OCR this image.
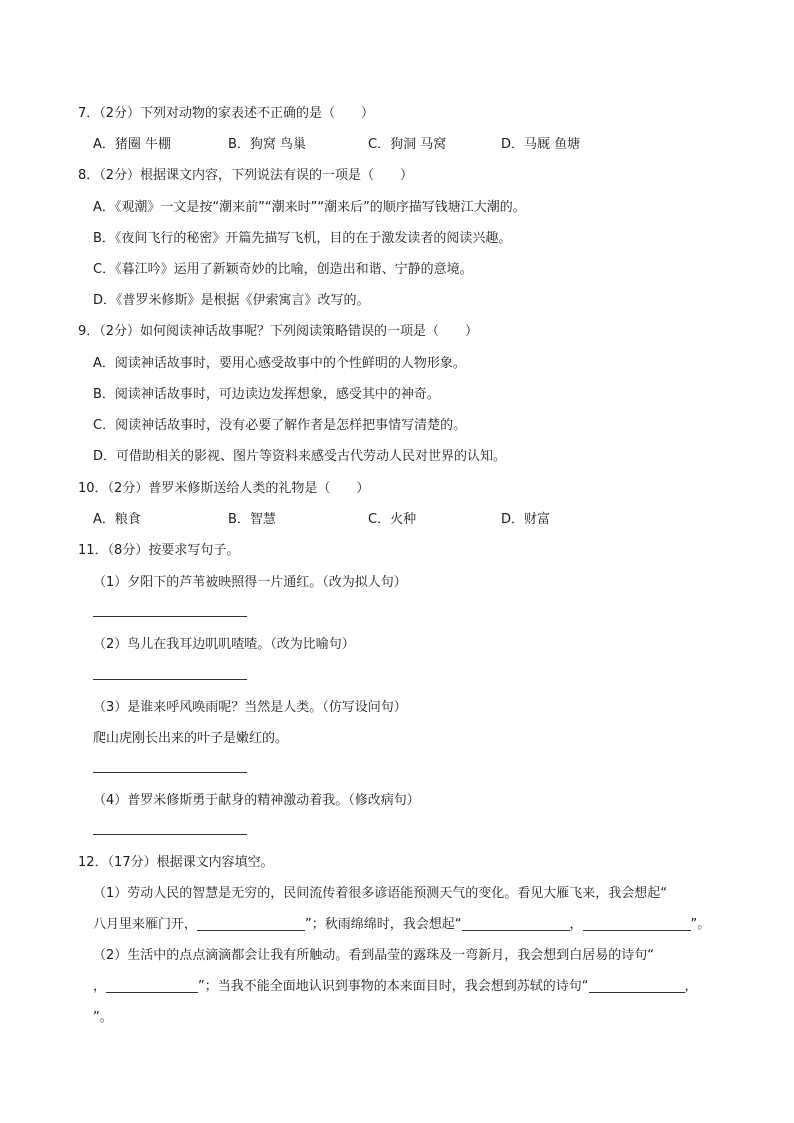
7．（2分）下列对动物的家表述不正确的是（　　）
A．猪圈 牛棚	B．狗窝 鸟巢	C．狗洞 马窝	D．马厩 鱼塘
8．（2分）根据课文内容，下列说法有误的一项是（　　）
A．《观潮》一文是按“潮来前”“潮来时”“潮来后”的顺序描写钱塘江大潮的。
B．《夜间飞行的秘密》开篇先描写飞机，目的在于激发读者的阅读兴趣。
C．《暮江吟》运用了新颖奇妙的比喻，创造出和谐、宁静的意境。
D．《普罗米修斯》是根据《伊索寓言》改写的。
9．（2分）如何阅读神话故事呢？下列阅读策略错误的一项是（　　）
A．阅读神话故事时，要用心感受故事中的个性鲜明的人物形象。
B．阅读神话故事时，可边读边发挥想象，感受其中的神奇。
C．阅读神话故事时，没有必要了解作者是怎样把事情写清楚的。
D．可借助相关的影视、图片等资料来感受古代劳动人民对世界的认知。
10．（2分）普罗米修斯送给人类的礼物是（　　）
A．粮食	B．智慧	C．火种	D．财富
11．（8分）按要求写句子。
（1）夕阳下的芦苇被映照得一片通红。（改为拟人句）
（2）鸟儿在我耳边叽叽喳喳。（改为比喻句）
（3）是谁来呼风唤雨呢？当然是人类。（仿写设问句）
爬山虎刚长出来的叶子是嫩红的。
（4）普罗米修斯勇于献身的精神激动着我。（修改病句）
12．（17分）根据课文内容填空。
（1）劳动人民的智慧是无穷的，民间流传着很多谚语能预测天气的变化。看见大雁飞来，我会想起“
八月里来雁门开，	”；秋雨绵绵时，我会想起“	，	”。
（2）生活中的点点滴滴都会让我有所触动。看到晶莹的露珠及一弯新月，我会想到白居易的诗句“
，	”；当我不能全面地认识到事物的本来面目时，我会想到苏轼的诗句“	，
”。
